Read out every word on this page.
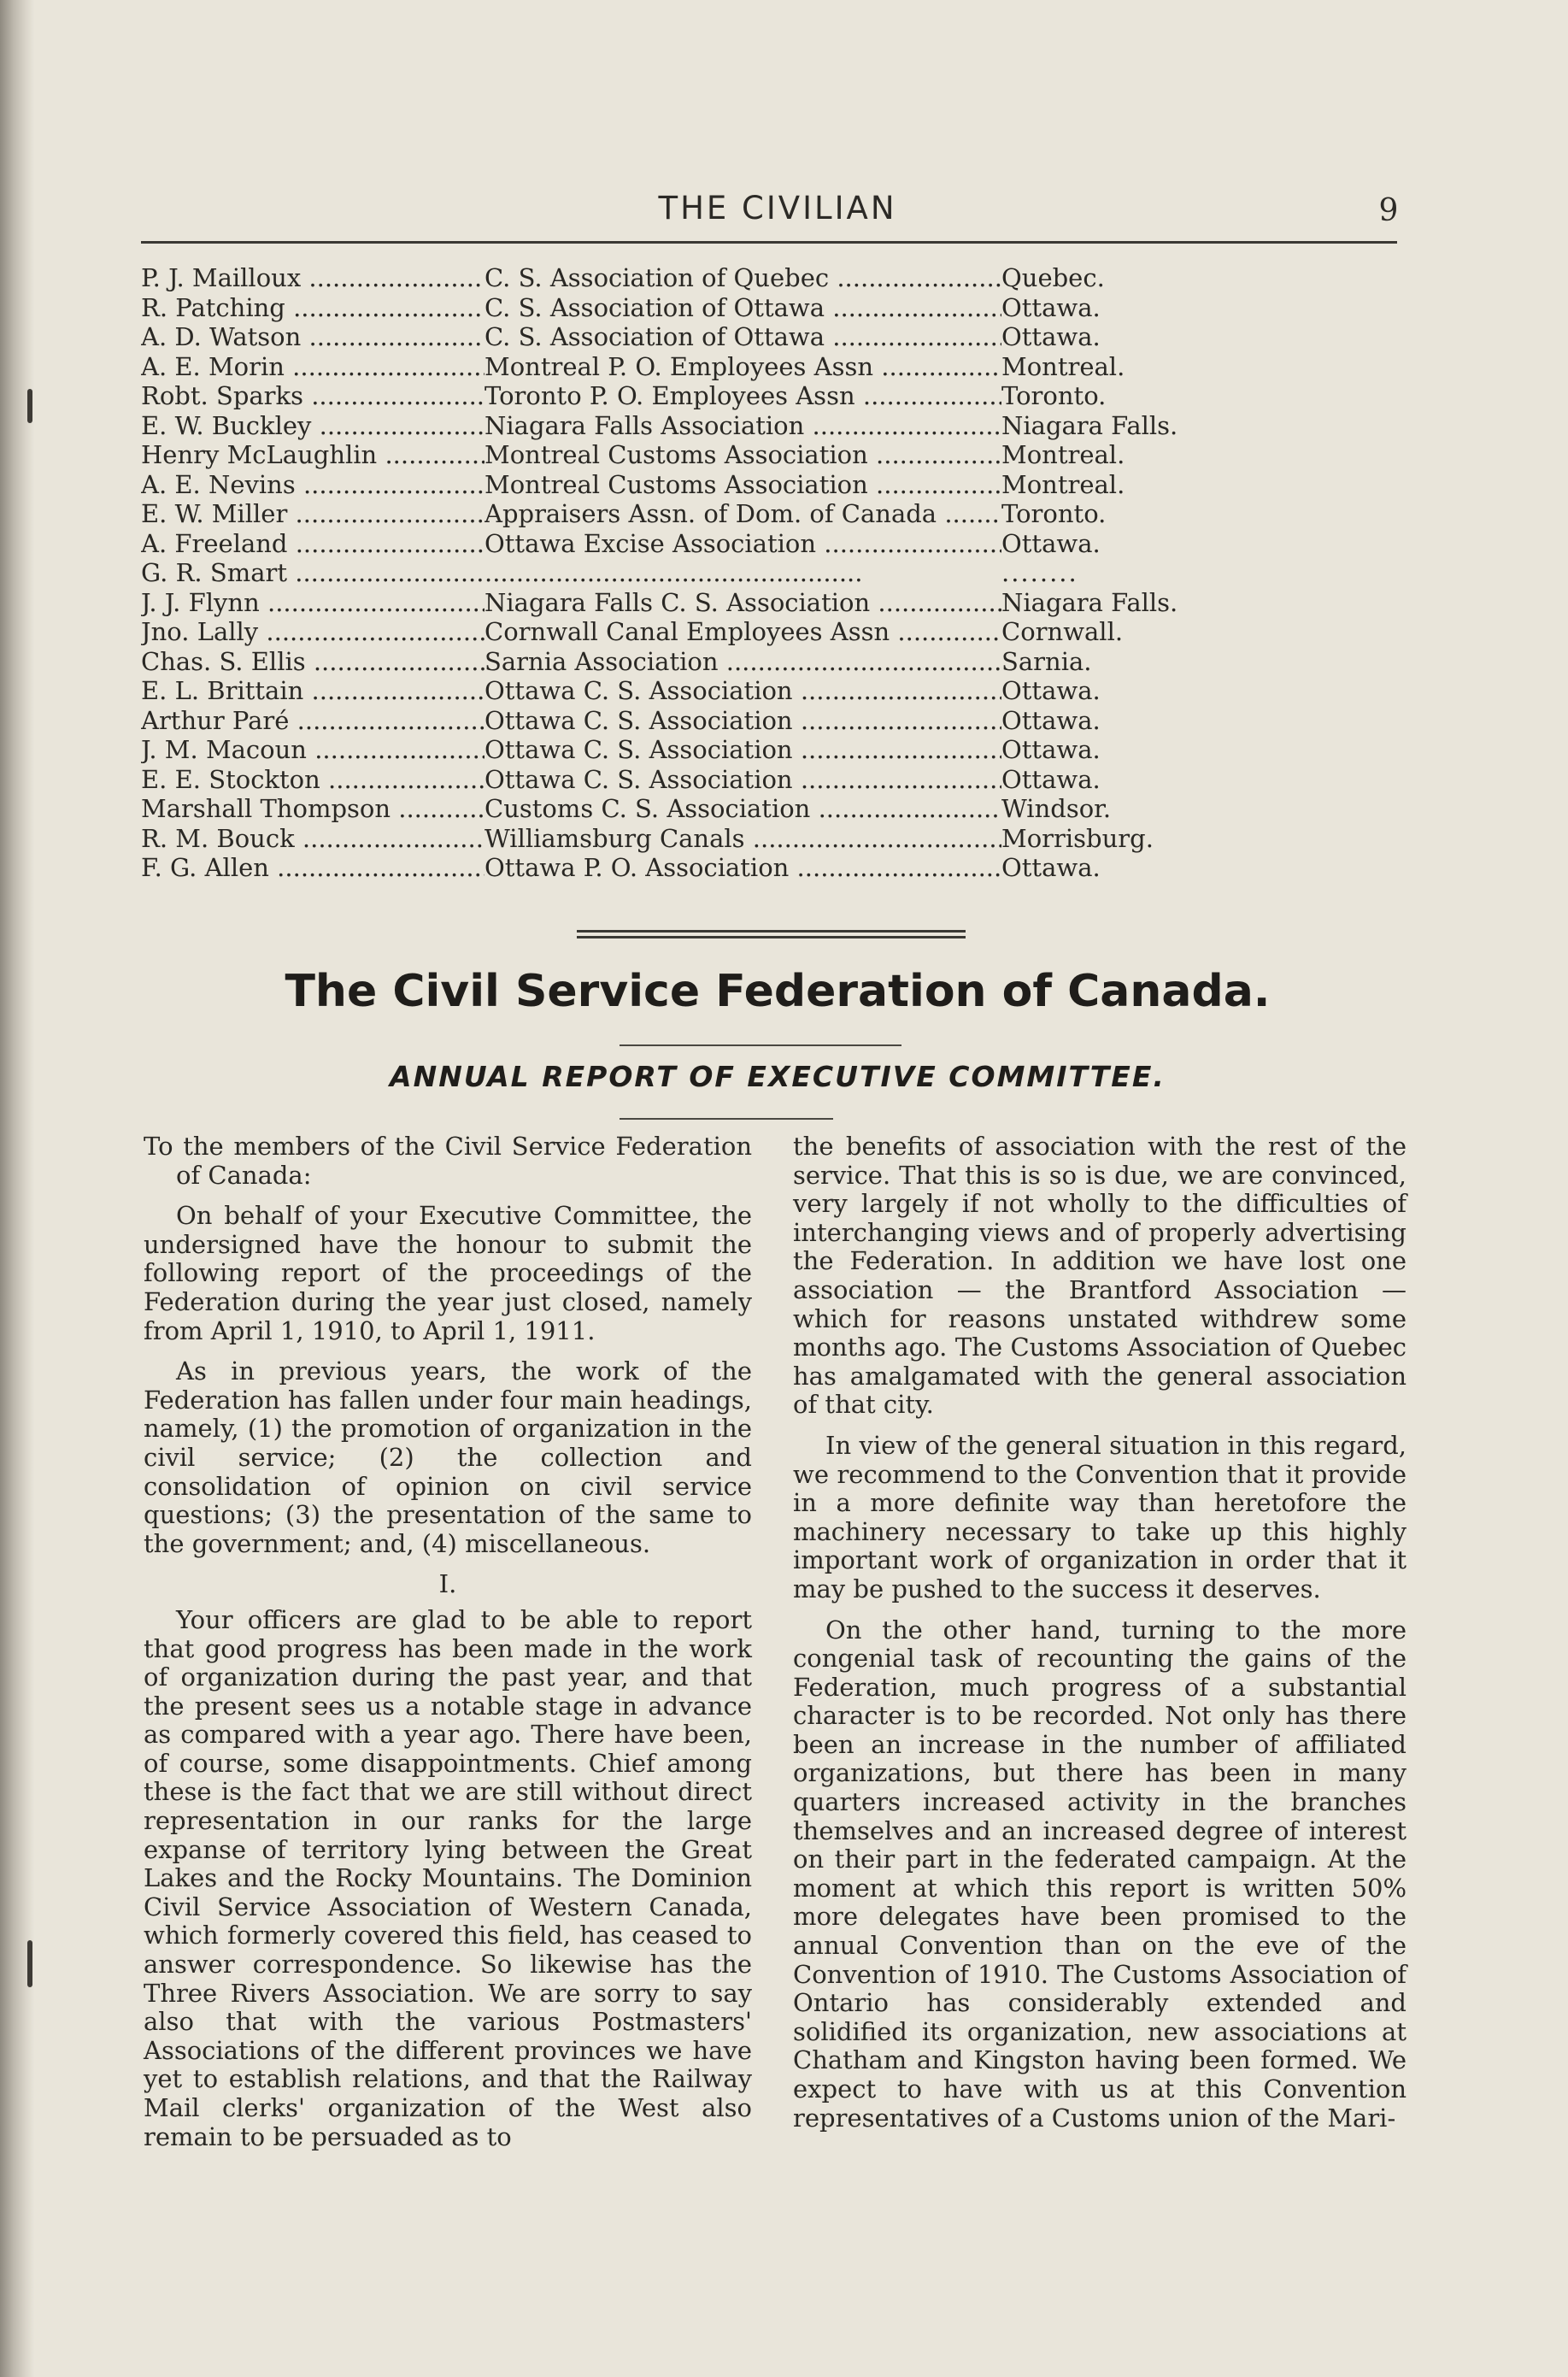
THE CIVILIAN	9
P. J. Mailloux .....	C. S. Association of Quebec .....	Quebec.
R. Patching .....	C. S. Association of Ottawa .....	Ottawa.
A. D. Watson .....	C. S. Association of Ottawa .....	Ottawa.
A. E. Morin .....	Montreal P. O. Employees Assn .....	Montreal.
Robt. Sparks .....	Toronto P. O. Employees Assn .....	Toronto.
E. W. Buckley .....	Niagara Falls Association .....	Niagara Falls.
Henry McLaughlin .....	Montreal Customs Association .....	Montreal.
A. E. Nevins .....	Montreal Customs Association .....	Montreal.
E. W. Miller .....	Appraisers Assn. of Dom. of Canada .....	Toronto.
A. Freeland .....	Ottawa Excise Association .....	Ottawa.
G. R. Smart .....
.....	........
J. J. Flynn .....	Niagara Falls C. S. Association .....	Niagara Falls.
Jno. Lally .....	Cornwall Canal Employees Assn .....	Cornwall.
Chas. S. Ellis .....	Sarnia Association .....	Sarnia.
E. L. Brittain .....	Ottawa C. S. Association .....	Ottawa.
Arthur Paré .....	Ottawa C. S. Association .....	Ottawa.
J. M. Macoun .....	Ottawa C. S. Association .....	Ottawa.
E. E. Stockton .....	Ottawa C. S. Association .....	Ottawa.
Marshall Thompson .....	Customs C. S. Association .....	Windsor.
R. M. Bouck .....	Williamsburg Canals .....	Morrisburg.
F. G. Allen .....	Ottawa P. O. Association .....	Ottawa.
The Civil Service Federation of Canada.
ANNUAL REPORT OF EXECUTIVE COMMITTEE.

To the members of the Civil Service Federation of Canada:

On behalf of your Executive Committee, the undersigned have the honour to submit the following report of the proceedings of the Federation during the year just closed, namely from April 1, 1910, to April 1, 1911.

As in previous years, the work of the Federation has fallen under four main headings, namely, (1) the promotion of organization in the civil service; (2) the collection and consolidation of opinion on civil service questions; (3) the presentation of the same to the government; and, (4) miscellaneous.

I.

Your officers are glad to be able to report that good progress has been made in the work of organization during the past year, and that the present sees us a notable stage in advance as compared with a year ago. There have been, of course, some disappointments. Chief among these is the fact that we are still without direct representation in our ranks for the large expanse of territory lying between the Great Lakes and the Rocky Mountains. The Dominion Civil Service Association of Western Canada, which formerly covered this field, has ceased to answer correspondence. So likewise has the Three Rivers Association. We are sorry to say also that with the various Postmasters' Associations of the different provinces we have yet to establish relations, and that the Railway Mail clerks' organization of the West also remain to be persuaded as to

the benefits of association with the rest of the service. That this is so is due, we are convinced, very largely if not wholly to the difficulties of interchanging views and of properly advertising the Federation. In addition we have lost one association — the Brantford Association — which for reasons unstated withdrew some months ago. The Customs Association of Quebec has amalgamated with the general association of that city.

In view of the general situation in this regard, we recommend to the Convention that it provide in a more definite way than heretofore the machinery necessary to take up this highly important work of organization in order that it may be pushed to the success it deserves.

On the other hand, turning to the more congenial task of recounting the gains of the Federation, much progress of a substantial character is to be recorded. Not only has there been an increase in the number of affiliated organizations, but there has been in many quarters increased activity in the branches themselves and an increased degree of interest on their part in the federated campaign. At the moment at which this report is written 50% more delegates have been promised to the annual Convention than on the eve of the Convention of 1910. The Customs Association of Ontario has considerably extended and solidified its organization, new associations at Chatham and Kingston having been formed. We expect to have with us at this Convention representatives of a Customs union of the Mari-
